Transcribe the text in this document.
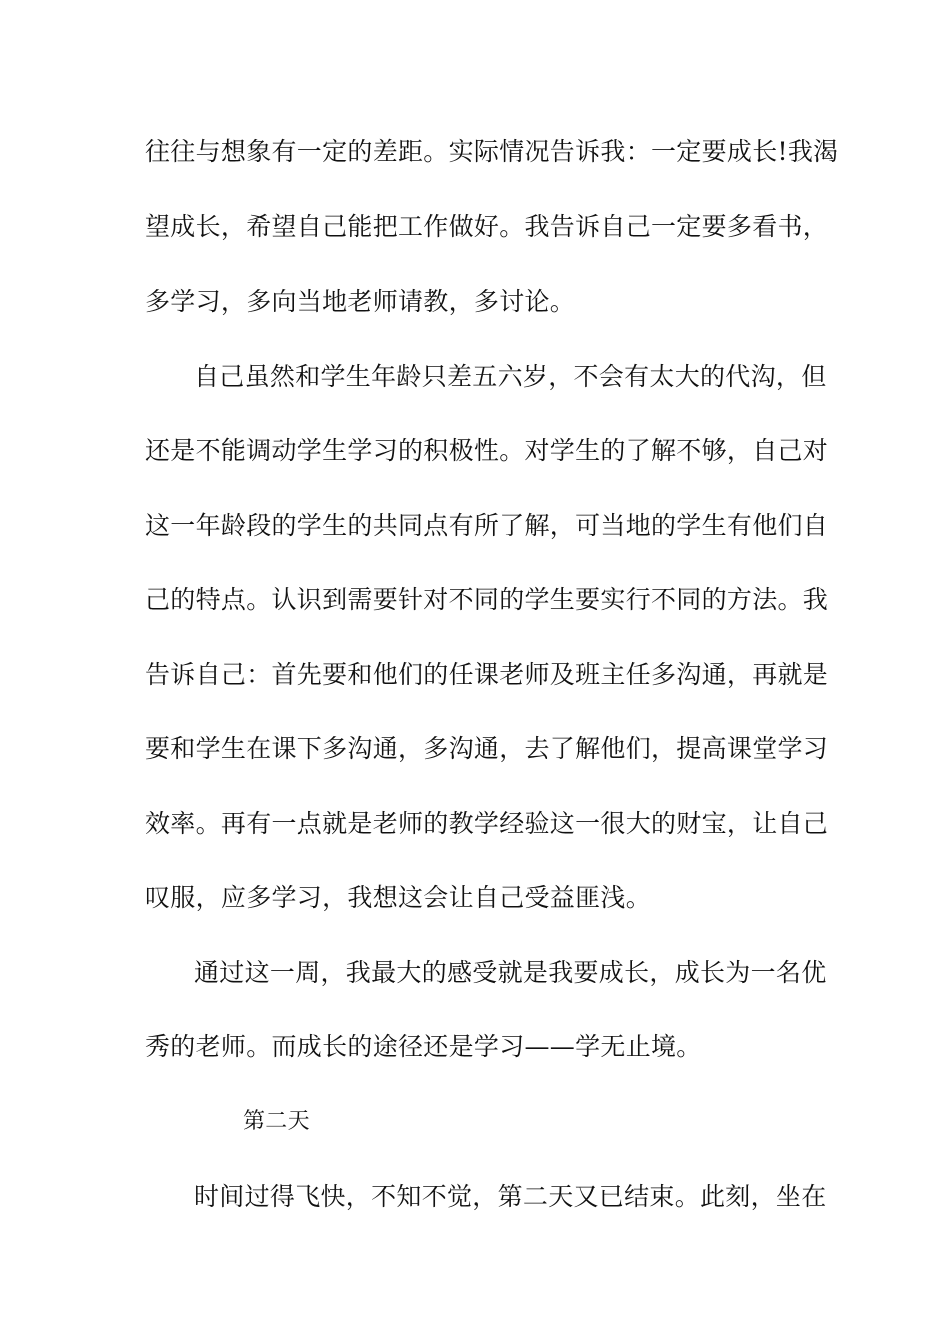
往往与想象有一定的差距。实际情况告诉我：一定要成长!我渴
望成长，希望自己能把工作做好。我告诉自己一定要多看书，
多学习，多向当地老师请教，多讨论。
自己虽然和学生年龄只差五六岁，不会有太大的代沟，但
还是不能调动学生学习的积极性。对学生的了解不够，自己对
这一年龄段的学生的共同点有所了解，可当地的学生有他们自
己的特点。认识到需要针对不同的学生要实行不同的方法。我
告诉自己：首先要和他们的任课老师及班主任多沟通，再就是
要和学生在课下多沟通，多沟通，去了解他们，提高课堂学习
效率。再有一点就是老师的教学经验这一很大的财宝，让自己
叹服，应多学习，我想这会让自己受益匪浅。
通过这一周，我最大的感受就是我要成长，成长为一名优
秀的老师。而成长的途径还是学习——学无止境。
第二天
时间过得飞快，不知不觉，第二天又已结束。此刻，坐在
